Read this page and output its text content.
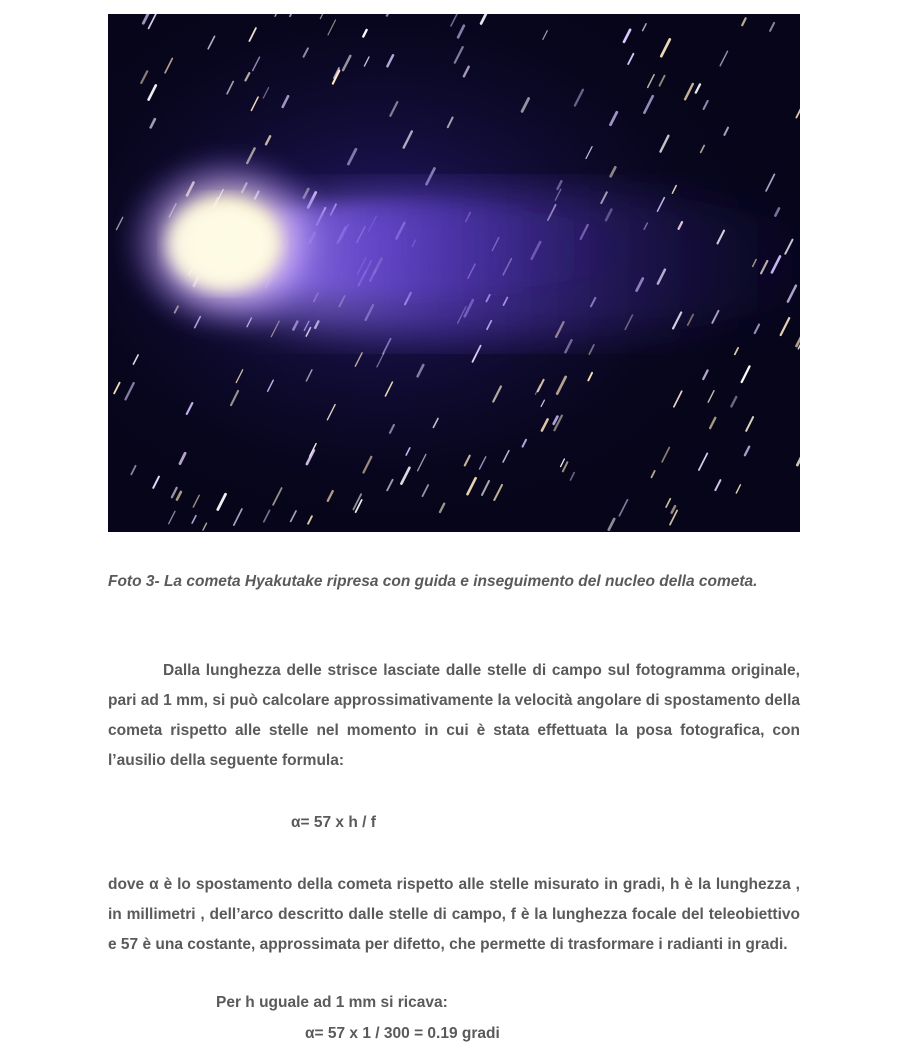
Foto 3- La cometa Hyakutake ripresa con guida e inseguimento del nucleo della cometa.

Dalla lunghezza delle strisce lasciate dalle stelle di campo sul fotogramma originale, pari ad 1 mm, si può calcolare approssimativamente la velocità angolare di spostamento della cometa rispetto alle stelle nel momento in cui è stata effettuata la posa fotografica, con l’ausilio della seguente formula:

α= 57 x h / f

dove α è lo spostamento della cometa rispetto alle stelle misurato in gradi, h è la lunghezza , in millimetri , dell’arco descritto dalle stelle di campo, f è la lunghezza focale del teleobiettivo e 57 è una costante, approssimata per difetto, che permette di trasformare i radianti in gradi.

Per h uguale ad 1 mm si ricava:

α= 57 x 1 / 300 = 0.19 gradi
